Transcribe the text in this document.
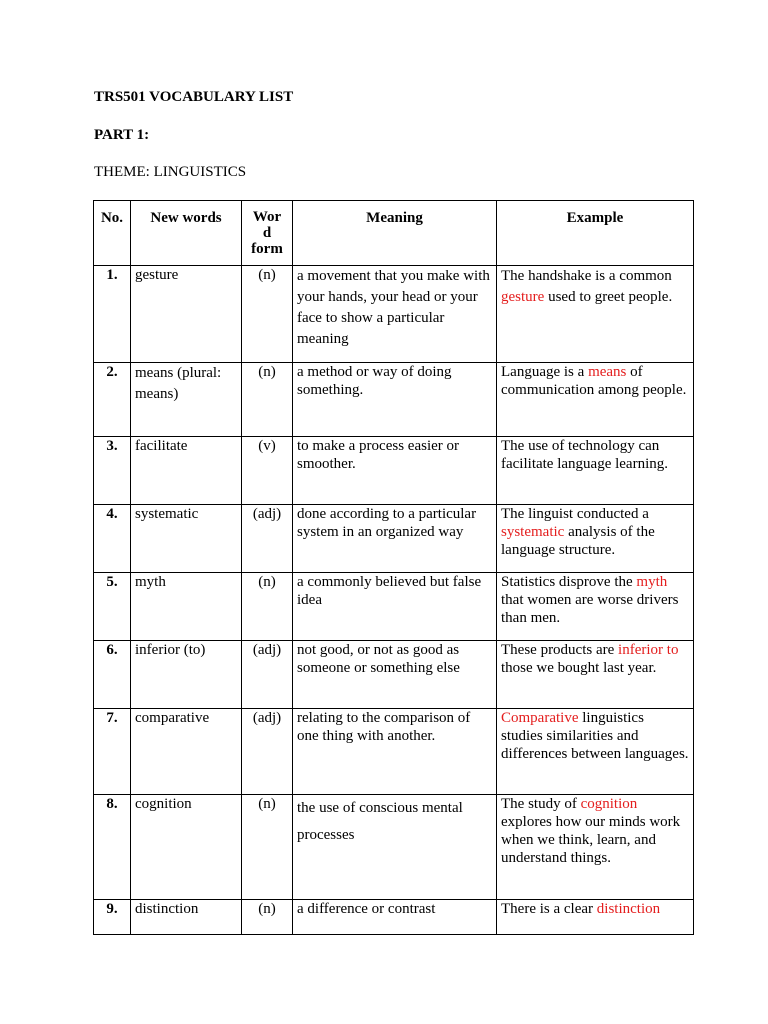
TRS501 VOCABULARY LIST
PART 1:
THEME: LINGUISTICS
No.	New words	Wor
d
form	Meaning	Example
1.	gesture	(n)	a movement that you make with your hands, your head or your face to show a particular meaning	The handshake is a common gesture used to greet people.
2.	means (plural: means)	(n)	a method or way of doing something.	Language is a means of communication among people.
3.	facilitate	(v)	to make a process easier or smoother.	The use of technology can facilitate language learning.
4.	systematic	(adj)	done according to a particular system in an organized way	The linguist conducted a systematic analysis of the language structure.
5.	myth	(n)	a commonly believed but false idea	Statistics disprove the myth that women are worse drivers than men.
6.	inferior (to)	(adj)	not good, or not as good as someone or something else	These products are inferior to those we bought last year.
7.	comparative	(adj)	relating to the comparison of one thing with another.	Comparative linguistics studies similarities and differences between languages.
8.	cognition	(n)	the use of conscious mental processes	The study of cognition explores how our minds work when we think, learn, and understand things.
9.	distinction	(n)	a difference or contrast	There is a clear distinction
